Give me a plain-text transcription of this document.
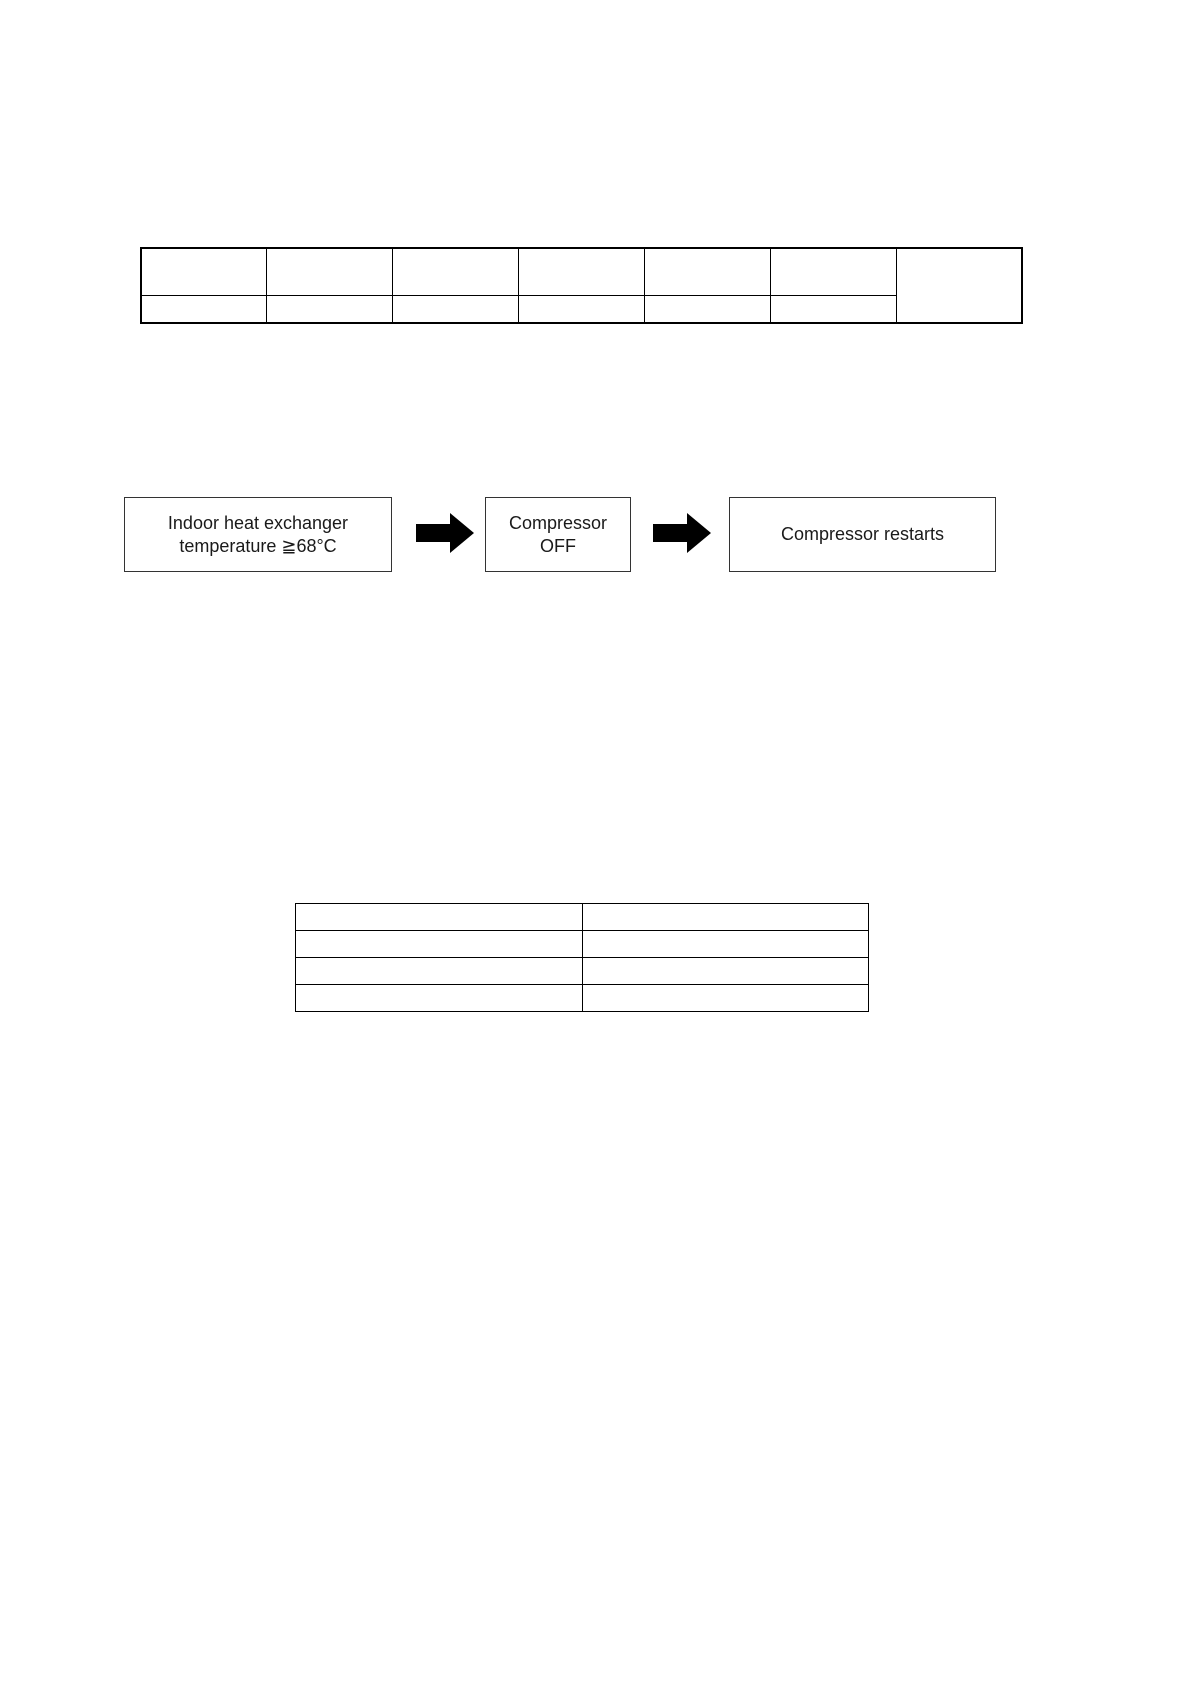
Indoor heat exchanger
temperature ≧68°C
Compressor
OFF
Compressor restarts
